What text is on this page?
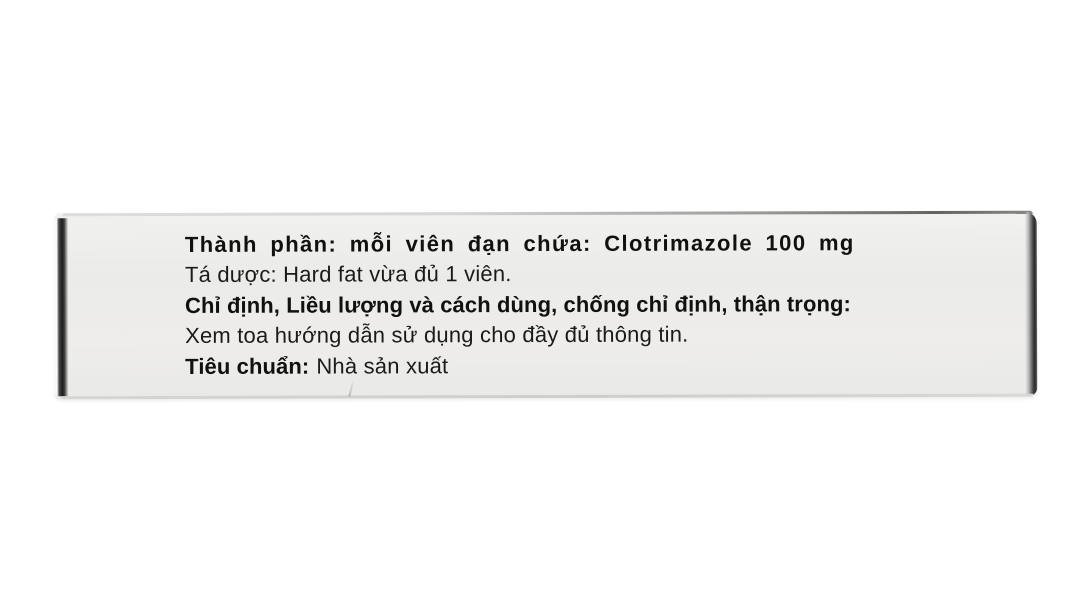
Thành phần: mỗi viên đạn chứa: Clotrimazole 100 mg
Tá dược: Hard fat vừa đủ 1 viên.
Chỉ định, Liều lượng và cách dùng, chống chỉ định, thận trọng:
Xem toa hướng dẫn sử dụng cho đầy đủ thông tin.
Tiêu chuẩn: Nhà sản xuất
